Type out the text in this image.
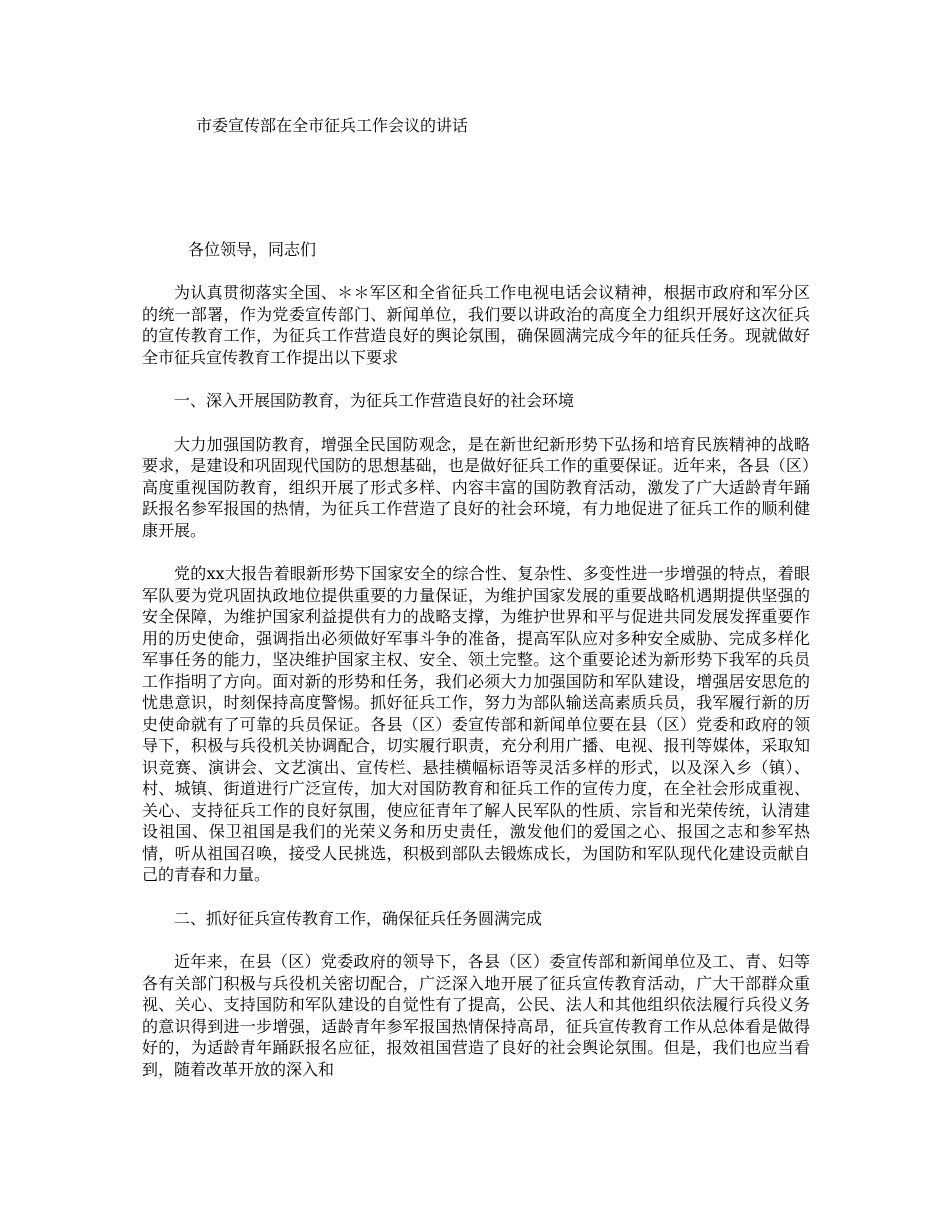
市委宣传部在全市征兵工作会议的讲话
各位领导，同志们

为认真贯彻落实全国、＊＊军区和全省征兵工作电视电话会议精神，根据市政府和军分区的统一部署，作为党委宣传部门、新闻单位，我们要以讲政治的高度全力组织开展好这次征兵的宣传教育工作，为征兵工作营造良好的舆论氛围，确保圆满完成今年的征兵任务。现就做好全市征兵宣传教育工作提出以下要求

一、深入开展国防教育，为征兵工作营造良好的社会环境

大力加强国防教育，增强全民国防观念，是在新世纪新形势下弘扬和培育民族精神的战略要求，是建设和巩固现代国防的思想基础，也是做好征兵工作的重要保证。近年来，各县（区）高度重视国防教育，组织开展了形式多样、内容丰富的国防教育活动，激发了广大适龄青年踊跃报名参军报国的热情，为征兵工作营造了良好的社会环境，有力地促进了征兵工作的顺利健康开展。

党的xx大报告着眼新形势下国家安全的综合性、复杂性、多变性进一步增强的特点，着眼军队要为党巩固执政地位提供重要的力量保证，为维护国家发展的重要战略机遇期提供坚强的安全保障，为维护国家利益提供有力的战略支撑，为维护世界和平与促进共同发展发挥重要作用的历史使命，强调指出必须做好军事斗争的准备，提高军队应对多种安全威胁、完成多样化军事任务的能力，坚决维护国家主权、安全、领土完整。这个重要论述为新形势下我军的兵员工作指明了方向。面对新的形势和任务，我们必须大力加强国防和军队建设，增强居安思危的忧患意识，时刻保持高度警惕。抓好征兵工作，努力为部队输送高素质兵员，我军履行新的历史使命就有了可靠的兵员保证。各县（区）委宣传部和新闻单位要在县（区）党委和政府的领导下，积极与兵役机关协调配合，切实履行职责，充分利用广播、电视、报刊等媒体，采取知识竞赛、演讲会、文艺演出、宣传栏、悬挂横幅标语等灵活多样的形式，以及深入乡（镇）、村、城镇、街道进行广泛宣传，加大对国防教育和征兵工作的宣传力度，在全社会形成重视、关心、支持征兵工作的良好氛围，使应征青年了解人民军队的性质、宗旨和光荣传统，认清建设祖国、保卫祖国是我们的光荣义务和历史责任，激发他们的爱国之心、报国之志和参军热情，听从祖国召唤，接受人民挑选，积极到部队去锻炼成长，为国防和军队现代化建设贡献自己的青春和力量。

二、抓好征兵宣传教育工作，确保征兵任务圆满完成

近年来，在县（区）党委政府的领导下，各县（区）委宣传部和新闻单位及工、青、妇等各有关部门积极与兵役机关密切配合，广泛深入地开展了征兵宣传教育活动，广大干部群众重视、关心、支持国防和军队建设的自觉性有了提高，公民、法人和其他组织依法履行兵役义务的意识得到进一步增强，适龄青年参军报国热情保持高昂，征兵宣传教育工作从总体看是做得好的，为适龄青年踊跃报名应征，报效祖国营造了良好的社会舆论氛围。但是，我们也应当看到，随着改革开放的深入和
